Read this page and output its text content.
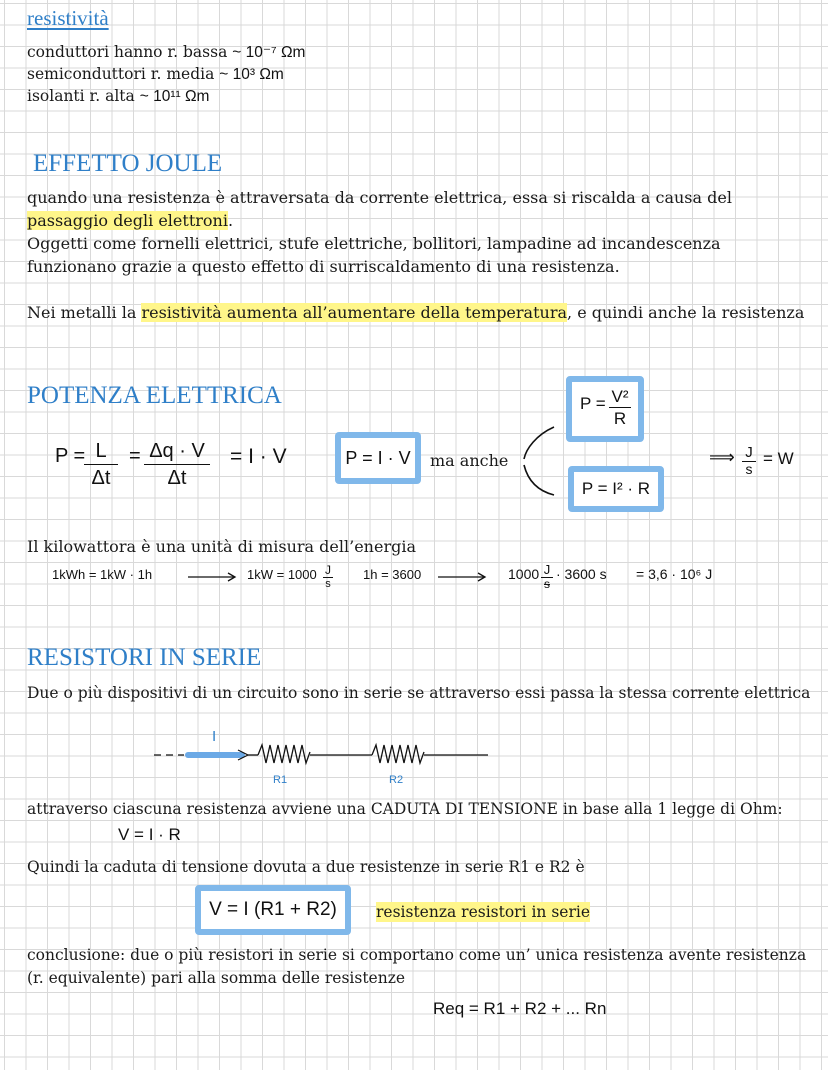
resistività
conduttori hanno r. bassa ~ 10⁻⁷ Ωm
semiconduttori r. media ~ 10³ Ωm
isolanti r. alta ~ 10¹¹ Ωm
EFFETTO JOULE
quando una resistenza è attraversata da corrente elettrica, essa si riscalda a causa del passaggio degli elettroni.
Oggetti come fornelli elettrici, stufe elettriche, bollitori, lampadine ad incandescenza funzionano grazie a questo effetto di surriscaldamento di una resistenza.
Nei metalli la resistività aumenta all’aumentare della temperatura, e quindi anche la resistenza
POTENZA ELETTRICA
P =
$\frac{L}{\Delta t} = \frac{\Delta q \cdot V}{\Delta t} = I \cdot V$	P = I · V	ma anche
$P = \frac{\text{V²}}{R}$
P = I² · R
⟹ $\frac{J}{s} = W$
Il kilowattora è una unità di misura dell’energia
1kWh = 1kW · 1h	$1kW = 1000 \frac{J}{s} 1h = 3600$	$1000 \frac{J}{s} \cdot 3600$ s = 3,6 · 10⁶ J
RESISTORI IN SERIE
Due o più dispositivi di un circuito sono in serie se attraverso essi passa la stessa corrente elettrica
I
R1	R2
attraverso ciascuna resistenza avviene una CADUTA DI TENSIONE in base alla 1 legge di Ohm:
V = I · R
Quindi la caduta di tensione dovuta a due resistenze in serie R1 e R2 è
V = I (R1 + R2)	resistenza resistori in serie
conclusione: due o più resistori in serie si comportano come un’ unica resistenza avente resistenza (r. equivalente) pari alla somma delle resistenze
Req = R1 + R2 + ... Rn
